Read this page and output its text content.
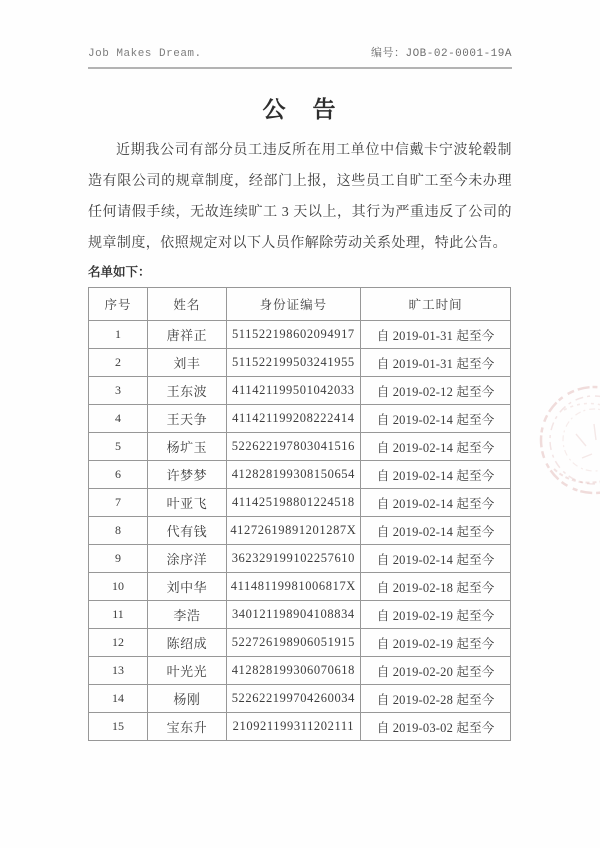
Job Makes Dream.	编号：JOB-02-0001-19A
公　告

近期我公司有部分员工违反所在用工单位中信戴卡宁波轮毂制造有限公司的规章制度，经部门上报，这些员工自旷工至今未办理任何请假手续，无故连续旷工 3 天以上，其行为严重违反了公司的规章制度，依照规定对以下人员作解除劳动关系处理，特此公告。

名单如下：

序号	姓名	身份证编号	旷工时间
1	唐祥正	511522198602094917	自 2019-01-31 起至今
2	刘丰	511522199503241955	自 2019-01-31 起至今
3	王东波	411421199501042033	自 2019-02-12 起至今
4	王天争	411421199208222414	自 2019-02-14 起至今
5	杨圹玉	522622197803041516	自 2019-02-14 起至今
6	许梦梦	412828199308150654	自 2019-02-14 起至今
7	叶亚飞	411425198801224518	自 2019-02-14 起至今
8	代有钱	41272619891201287X	自 2019-02-14 起至今
9	涂序洋	362329199102257610	自 2019-02-14 起至今
10	刘中华	41148119981006817X	自 2019-02-18 起至今
11	李浩	340121198904108834	自 2019-02-19 起至今
12	陈绍成	522726198906051915	自 2019-02-19 起至今
13	叶光光	412828199306070618	自 2019-02-20 起至今
14	杨刚	522622199704260034	自 2019-02-28 起至今
15	宝东升	210921199311202111	自 2019-03-02 起至今
